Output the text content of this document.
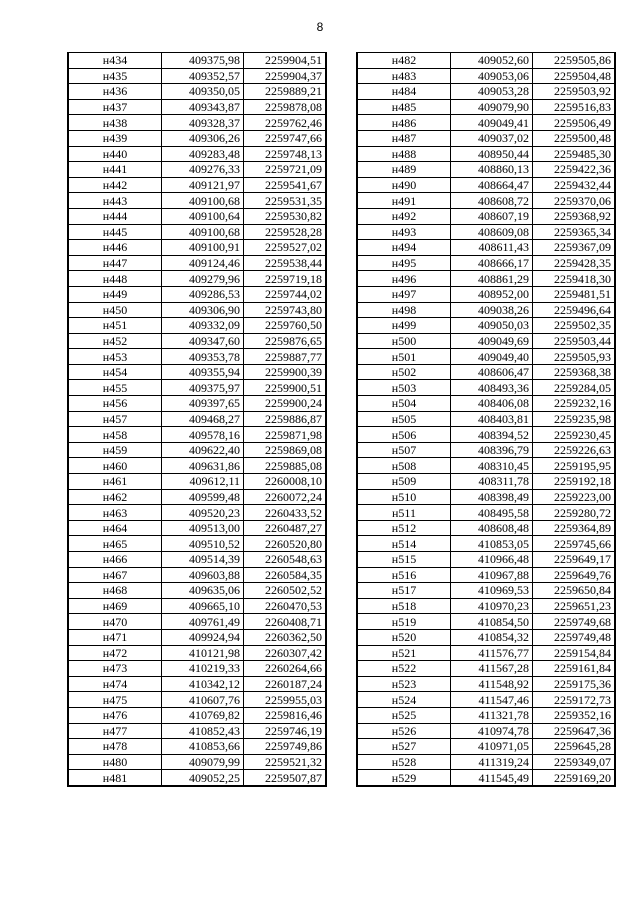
8
н434	409375,98	2259904,51
н435	409352,57	2259904,37
н436	409350,05	2259889,21
н437	409343,87	2259878,08
н438	409328,37	2259762,46
н439	409306,26	2259747,66
н440	409283,48	2259748,13
н441	409276,33	2259721,09
н442	409121,97	2259541,67
н443	409100,68	2259531,35
н444	409100,64	2259530,82
н445	409100,68	2259528,28
н446	409100,91	2259527,02
н447	409124,46	2259538,44
н448	409279,96	2259719,18
н449	409286,53	2259744,02
н450	409306,90	2259743,80
н451	409332,09	2259760,50
н452	409347,60	2259876,65
н453	409353,78	2259887,77
н454	409355,94	2259900,39
н455	409375,97	2259900,51
н456	409397,65	2259900,24
н457	409468,27	2259886,87
н458	409578,16	2259871,98
н459	409622,40	2259869,08
н460	409631,86	2259885,08
н461	409612,11	2260008,10
н462	409599,48	2260072,24
н463	409520,23	2260433,52
н464	409513,00	2260487,27
н465	409510,52	2260520,80
н466	409514,39	2260548,63
н467	409603,88	2260584,35
н468	409635,06	2260502,52
н469	409665,10	2260470,53
н470	409761,49	2260408,71
н471	409924,94	2260362,50
н472	410121,98	2260307,42
н473	410219,33	2260264,66
н474	410342,12	2260187,24
н475	410607,76	2259955,03
н476	410769,82	2259816,46
н477	410852,43	2259746,19
н478	410853,66	2259749,86
н480	409079,99	2259521,32
н481	409052,25	2259507,87
н482	409052,60	2259505,86
н483	409053,06	2259504,48
н484	409053,28	2259503,92
н485	409079,90	2259516,83
н486	409049,41	2259506,49
н487	409037,02	2259500,48
н488	408950,44	2259485,30
н489	408860,13	2259422,36
н490	408664,47	2259432,44
н491	408608,72	2259370,06
н492	408607,19	2259368,92
н493	408609,08	2259365,34
н494	408611,43	2259367,09
н495	408666,17	2259428,35
н496	408861,29	2259418,30
н497	408952,00	2259481,51
н498	409038,26	2259496,64
н499	409050,03	2259502,35
н500	409049,69	2259503,44
н501	409049,40	2259505,93
н502	408606,47	2259368,38
н503	408493,36	2259284,05
н504	408406,08	2259232,16
н505	408403,81	2259235,98
н506	408394,52	2259230,45
н507	408396,79	2259226,63
н508	408310,45	2259195,95
н509	408311,78	2259192,18
н510	408398,49	2259223,00
н511	408495,58	2259280,72
н512	408608,48	2259364,89
н514	410853,05	2259745,66
н515	410966,48	2259649,17
н516	410967,88	2259649,76
н517	410969,53	2259650,84
н518	410970,23	2259651,23
н519	410854,50	2259749,68
н520	410854,32	2259749,48
н521	411576,77	2259154,84
н522	411567,28	2259161,84
н523	411548,92	2259175,36
н524	411547,46	2259172,73
н525	411321,78	2259352,16
н526	410974,78	2259647,36
н527	410971,05	2259645,28
н528	411319,24	2259349,07
н529	411545,49	2259169,20
